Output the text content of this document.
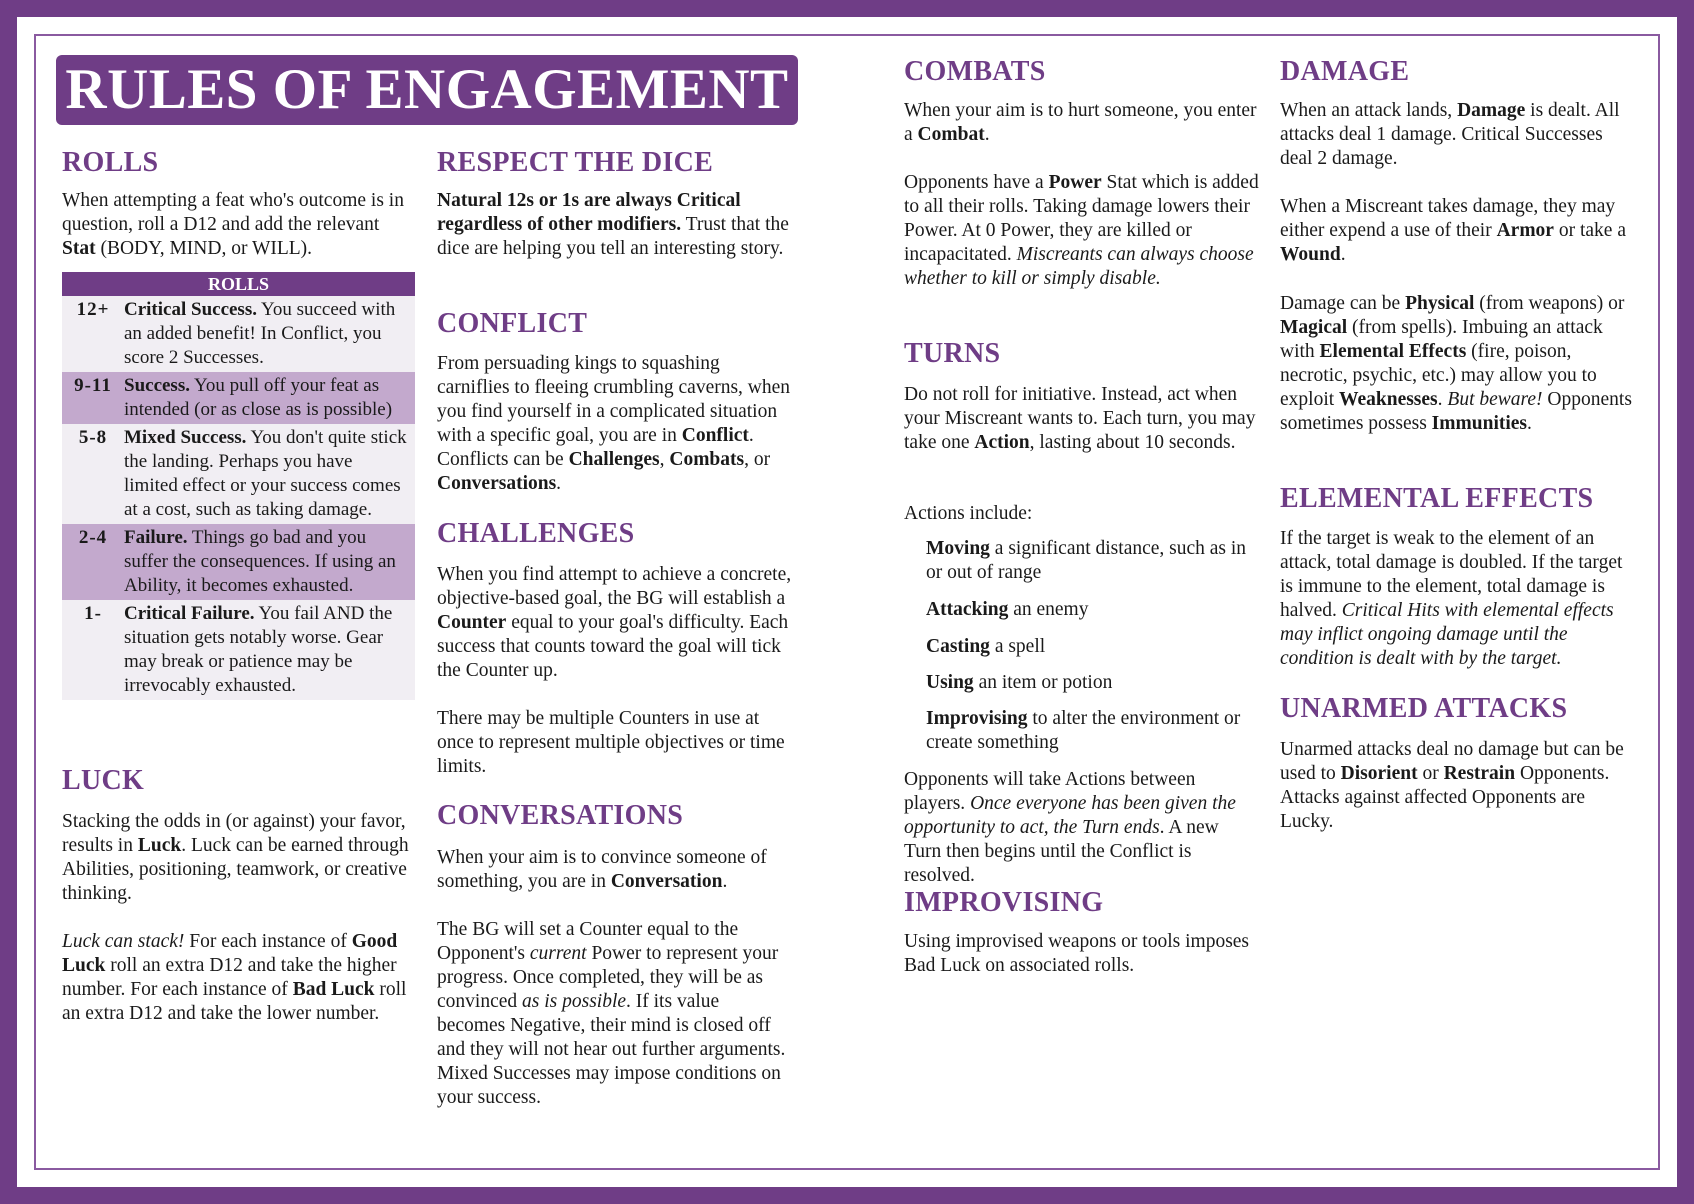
RULES OF ENGAGEMENT
ROLLS

When attempting a feat who's outcome is in question, roll a D12 and add the relevant Stat (BODY, MIND, or WILL).

ROLLS
12+ Critical Success. You succeed with an added benefit! In Conflict, you score 2 Successes.
9-11 Success. You pull off your feat as intended (or as close as is possible)
5-8 Mixed Success. You don't quite stick the landing. Perhaps you have limited effect or your success comes at a cost, such as taking damage.
2-4 Failure. Things go bad and you suffer the consequences. If using an Ability, it becomes exhausted.
1-	Critical Failure. You fail AND the situation gets notably worse. Gear may break or patience may be irrevocably exhausted.
LUCK

Stacking the odds in (or against) your favor, results in Luck. Luck can be earned through Abilities, positioning, teamwork, or creative thinking.

Luck can stack! For each instance of Good Luck roll an extra D12 and take the higher number. For each instance of Bad Luck roll an extra D12 and take the lower number.

RESPECT THE DICE

Natural 12s or 1s are always Critical regardless of other modifiers. Trust that the dice are helping you tell an interesting story.

CONFLICT

From persuading kings to squashing carniflies to fleeing crumbling caverns, when you find yourself in a complicated situation with a specific goal, you are in Conflict. Conflicts can be Challenges, Combats, or Conversations.

CHALLENGES

When you find attempt to achieve a concrete, objective-based goal, the BG will establish a Counter equal to your goal's difficulty. Each success that counts toward the goal will tick the Counter up.

There may be multiple Counters in use at once to represent multiple objectives or time limits.

CONVERSATIONS

When your aim is to convince someone of something, you are in Conversation.

The BG will set a Counter equal to the Opponent's current Power to represent your progress. Once completed, they will be as convinced as is possible. If its value becomes Negative, their mind is closed off and they will not hear out further arguments. Mixed Successes may impose conditions on your success.

COMBATS

When your aim is to hurt someone, you enter a Combat.

Opponents have a Power Stat which is added to all their rolls. Taking damage lowers their Power. At 0 Power, they are killed or incapacitated. Miscreants can always choose whether to kill or simply disable.

TURNS

Do not roll for initiative. Instead, act when your Miscreant wants to. Each turn, you may take one Action, lasting about 10 seconds.

Actions include:

Moving a significant distance, such as in or out of range
Attacking an enemy
Casting a spell
Using an item or potion
Improvising to alter the environment or create something

Opponents will take Actions between players. Once everyone has been given the opportunity to act, the Turn ends. A new Turn then begins until the Conflict is resolved.

IMPROVISING

Using improvised weapons or tools imposes Bad Luck on associated rolls.

DAMAGE

When an attack lands, Damage is dealt. All attacks deal 1 damage. Critical Successes deal 2 damage.

When a Miscreant takes damage, they may either expend a use of their Armor or take a Wound.

Damage can be Physical (from weapons) or Magical (from spells). Imbuing an attack with Elemental Effects (fire, poison, necrotic, psychic, etc.) may allow you to exploit Weaknesses. But beware! Opponents sometimes possess Immunities.

ELEMENTAL EFFECTS

If the target is weak to the element of an attack, total damage is doubled. If the target is immune to the element, total damage is halved. Critical Hits with elemental effects may inflict ongoing damage until the condition is dealt with by the target.

UNARMED ATTACKS

Unarmed attacks deal no damage but can be used to Disorient or Restrain Opponents. Attacks against affected Opponents are Lucky.
